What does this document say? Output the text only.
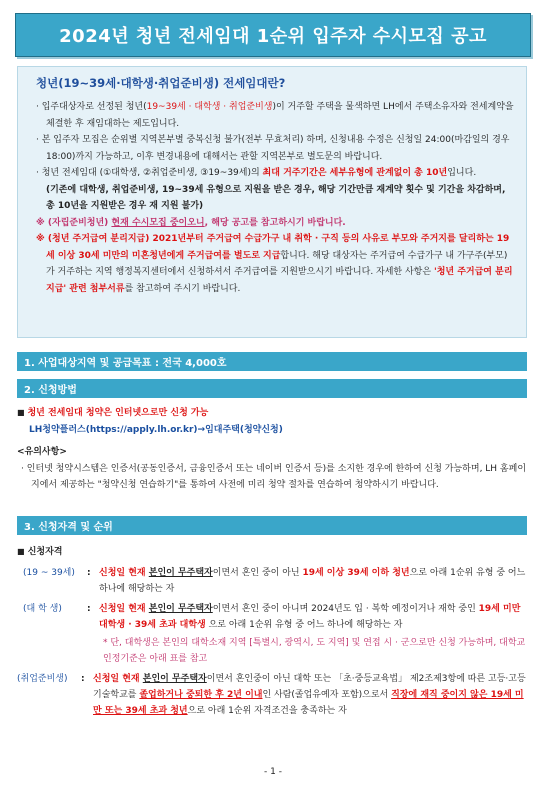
2024년 청년 전세임대 1순위 입주자 수시모집 공고
청년(19~39세·대학생·취업준비생) 전세임대란?

· 입주대상자로 선정된 청년(19~39세 · 대학생 · 취업준비생)이 거주할 주택을 물색하면 LH에서 주택소유자와 전세계약을 체결한 후 재임대하는 제도입니다.

· 본 입주자 모집은 순위별 지역본부별 중복신청 불가(전부 무효처리) 하며, 신청내용 수정은 신청일 24:00(마감일의 경우 18:00)까지 가능하고, 이후 변경내용에 대해서는 관할 지역본부로 별도문의 바랍니다.

· 청년 전세임대 (①대학생, ②취업준비생, ③19~39세)의 최대 거주기간은 세부유형에 관계없이 총 10년입니다.
(기존에 대학생, 취업준비생, 19~39세 유형으로 지원을 받은 경우, 해당 기간만큼 재계약 횟수 및 기간을 차감하며, 총 10년을 지원받은 경우 재 지원 불가)

※ (자립준비청년) 현재 수시모집 중이오니, 해당 공고를 참고하시기 바랍니다.

※ (청년 주거급여 분리지급) 2021년부터 주거급여 수급가구 내 취학 · 구직 등의 사유로 부모와 주거지를 달리하는 19세 이상 30세 미만의 미혼청년에게 주거급여를 별도로 지급합니다. 해당 대상자는 주거급여 수급가구 내 가구주(부모)가 거주하는 지역 행정복지센터에서 신청하셔서 주거급여를 지원받으시기 바랍니다. 자세한 사항은 '청년 주거급여 분리지급' 관련 첨부서류를 참고하여 주시기 바랍니다.

1. 사업대상지역 및 공급목표 : 전국 4,000호
2. 신청방법
■ 청년 전세임대 청약은 인터넷으로만 신청 가능
LH청약플러스(https://apply.lh.or.kr)→임대주택(청약신청)
<유의사항>
· 인터넷 청약시스템은 인증서(공동인증서, 금융인증서 또는 네이버 인증서 등)를 소지한 경우에 한하여 신청 가능하며, LH 홈페이지에서 제공하는 "청약신청 연습하기"를 통하여 사전에 미리 청약 절차를 연습하여 청약하시기 바랍니다.
3. 신청자격 및 순위
■ 신청자격
(19 ~ 39세)	: 신청일 현재 본인이 무주택자이면서 혼인 중이 아닌 19세 이상 39세 이하 청년으로 아래 1순위 유형 중 어느 하나에 해당하는 자
(대 학 생)	: 신청일 현재 본인이 무주택자이면서 혼인 중이 아니며 2024년도 입 · 복학 예정이거나 재학 중인 19세 미만 대학생 · 39세 초과 대학생 으로 아래 1순위 유형 중 어느 하나에 해당하는 자
* 단, 대학생은 본인의 대학소재 지역 [특별시, 광역시, 도 지역] 및 연접 시 · 군으로만 신청 가능하며, 대학교 인정기준은 아래 표를 참고
(취업준비생)	: 신청일 현재 본인이 무주택자이면서 혼인중이 아닌 대학 또는 「초·중등교육법」 제2조제3항에 따른 고등·고등기술학교를 졸업하거나 중퇴한 후 2년 이내인 사람(졸업유예자 포함)으로서 직장에 재직 중이지 않은 19세 미만 또는 39세 초과 청년으로 아래 1순위 자격조건을 충족하는 자
- 1 -
